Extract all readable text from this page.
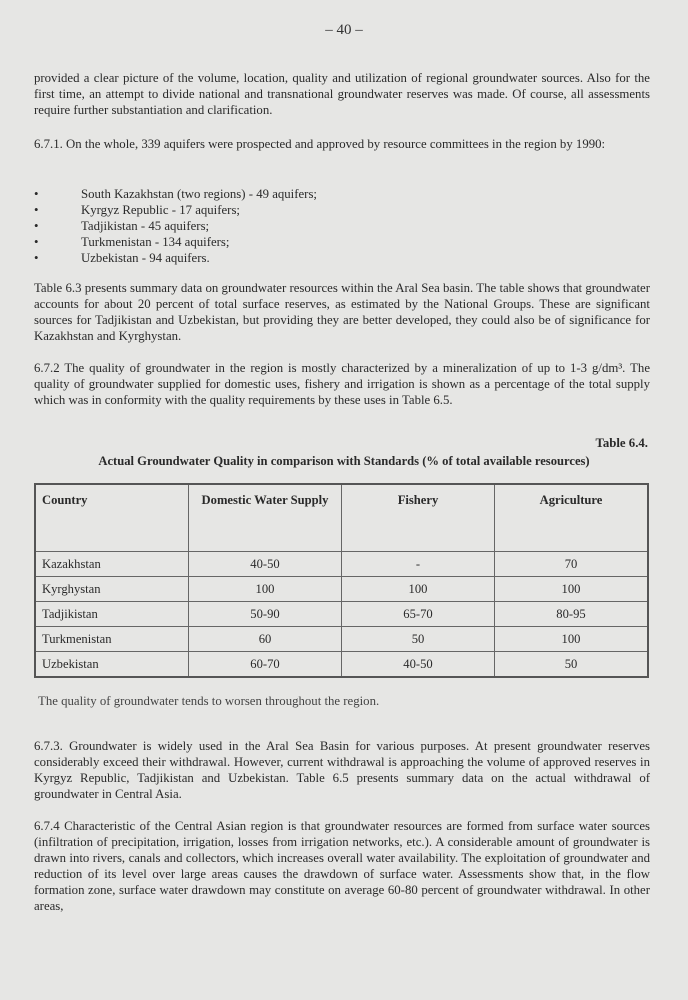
– 40 –

provided a clear picture of the volume, location, quality and utilization of regional groundwater sources. Also for the first time, an attempt to divide national and transnational groundwater reserves was made. Of course, all assessments require further substantiation and clarification.

6.7.1. On the whole, 339 aquifers were prospected and approved by resource committees in the region by 1990:

•	South Kazakhstan (two regions) - 49 aquifers;
•	Kyrgyz Republic - 17 aquifers;
•	Tadjikistan - 45 aquifers;
•	Turkmenistan - 134 aquifers;
•	Uzbekistan - 94 aquifers.

Table 6.3 presents summary data on groundwater resources within the Aral Sea basin. The table shows that groundwater accounts for about 20 percent of total surface reserves, as estimated by the National Groups. These are significant sources for Tadjikistan and Uzbekistan, but providing they are better developed, they could also be of significance for Kazakhstan and Kyrghystan.

6.7.2 The quality of groundwater in the region is mostly characterized by a mineralization of up to 1-3 g/dm³. The quality of groundwater supplied for domestic uses, fishery and irrigation is shown as a percentage of the total supply which was in conformity with the quality requirements by these uses in Table 6.5.

Table 6.4.
Actual Groundwater Quality in comparison with Standards (% of total available resources)
Country	Domestic Water Supply	Fishery	Agriculture
Kazakhstan	40-50	-	70
Kyrghystan	100	100	100
Tadjikistan	50-90	65-70	80-95
Turkmenistan	60	50	100
Uzbekistan	60-70	40-50	50
The quality of groundwater tends to worsen throughout the region.

6.7.3. Groundwater is widely used in the Aral Sea Basin for various purposes. At present groundwater reserves considerably exceed their withdrawal. However, current withdrawal is approaching the volume of approved reserves in Kyrgyz Republic, Tadjikistan and Uzbekistan. Table 6.5 presents summary data on the actual withdrawal of groundwater in Central Asia.

6.7.4 Characteristic of the Central Asian region is that groundwater resources are formed from surface water sources (infiltration of precipitation, irrigation, losses from irrigation networks, etc.). A considerable amount of groundwater is drawn into rivers, canals and collectors, which increases overall water availability. The exploitation of groundwater and reduction of its level over large areas causes the drawdown of surface water. Assessments show that, in the flow formation zone, surface water drawdown may constitute on average 60-80 percent of groundwater withdrawal. In other areas,
